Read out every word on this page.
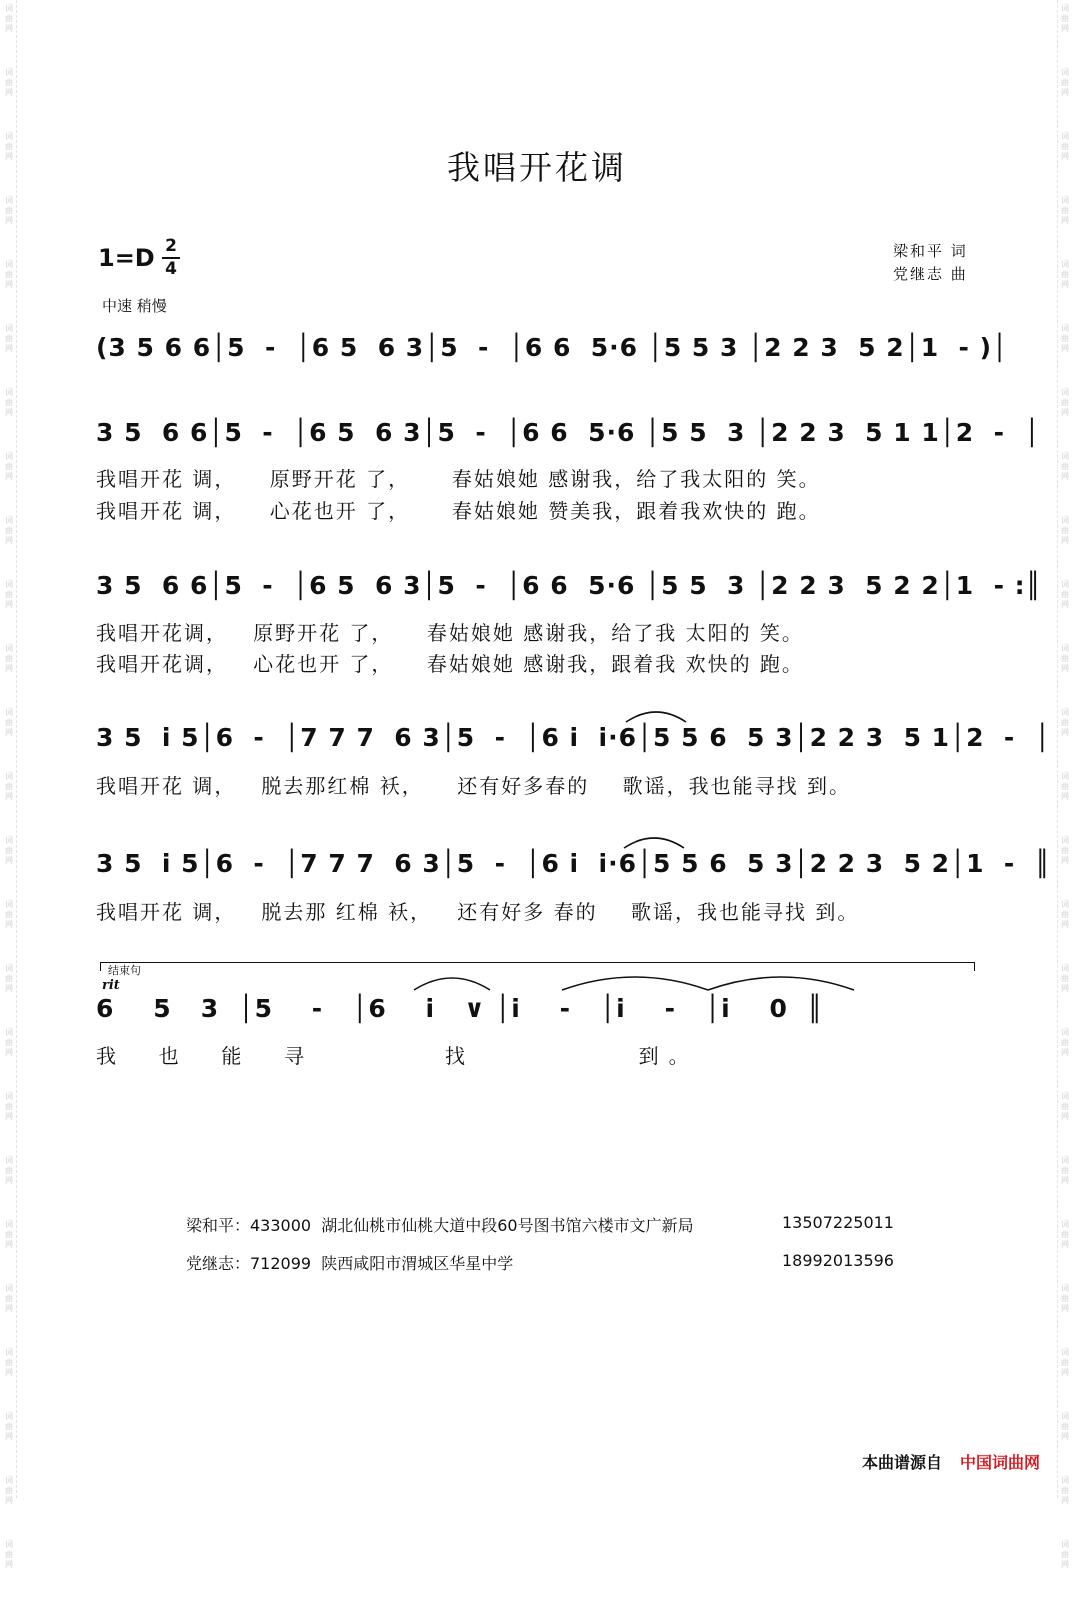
词
曲
网
词
曲
网
词
曲
网
词
曲
网
词
曲
网
词
曲
网
词
曲
网
词
曲
网
词
曲
网
词
曲
网
词
曲
网
词
曲
网
词
曲
网
词
曲
网
词
曲
网
词
曲
网
词
曲
网
词
曲
网
词
曲
网
词
曲
网
词
曲
网
词
曲
网
词
曲
网
词
曲
网
词
曲
网
词
曲
网
词
曲
网
词
曲
网
词
曲
网
词
曲
网
词
曲
网
词
曲
网
词
曲
网
词
曲
网
词
曲
网
词
曲
网
词
曲
网
词
曲
网
词
曲
网
词
曲
网
词
曲
网
词
曲
网
词
曲
网
词
曲
网
词
曲
网
词
曲
网
词
曲
网
词
曲
网
词
曲
网
词
曲
网
我唱开花调
1=D 2
4
中速 稍慢
梁和平 词
党继志 曲
(3 5 6 6│5  -  │6 5  6 3│5  -  │6 6  5·6 │5 5 3 │2 2 3  5 2│1  - )│
3 5  6 6│5  -  │6 5  6 3│5  -  │6 6  5·6 │5 5  3 │2 2 3  5 1 1│2  -  │
我唱开花 调，    原野开花 了，     春姑娘她 感谢我，给了我太阳的 笑。
我唱开花 调，    心花也开 了，     春姑娘她 赞美我，跟着我欢快的 跑。
3 5  6 6│5  -  │6 5  6 3│5  -  │6 6  5·6 │5 5  3 │2 2 3  5 2 2│1  - :║
我唱开花调，   原野开花 了，    春姑娘她 感谢我，给了我 太阳的 笑。
我唱开花调，   心花也开 了，    春姑娘她 感谢我，跟着我 欢快的 跑。
3 5  i 5│6  -  │7 7 7  6 3│5  -  │6 i  i·6│5 5 6  5 3│2 2 3  5 1│2  -  │
我唱开花 调，   脱去那红棉 袄，    还有好多春的    歌谣，我也能寻找 到。
3 5  i 5│6  -  │7 7 7  6 3│5  -  │6 i  i·6│5 5 6  5 3│2 2 3  5 2│1  -  ║
我唱开花 调，   脱去那 红棉 袄，   还有好多 春的    歌谣，我也能寻找 到。
结束句
rit
6    5   3  │5    -   │6    i   ∨ │i    -   │i    -   │i    0  ║
我  也  能  寻        找          到。
梁和平：433000  湖北仙桃市仙桃大道中段60号图书馆六楼市文广新局	13507225011
党继志：712099  陕西咸阳市渭城区华星中学	18992013596
本曲谱源自 中国词曲网
